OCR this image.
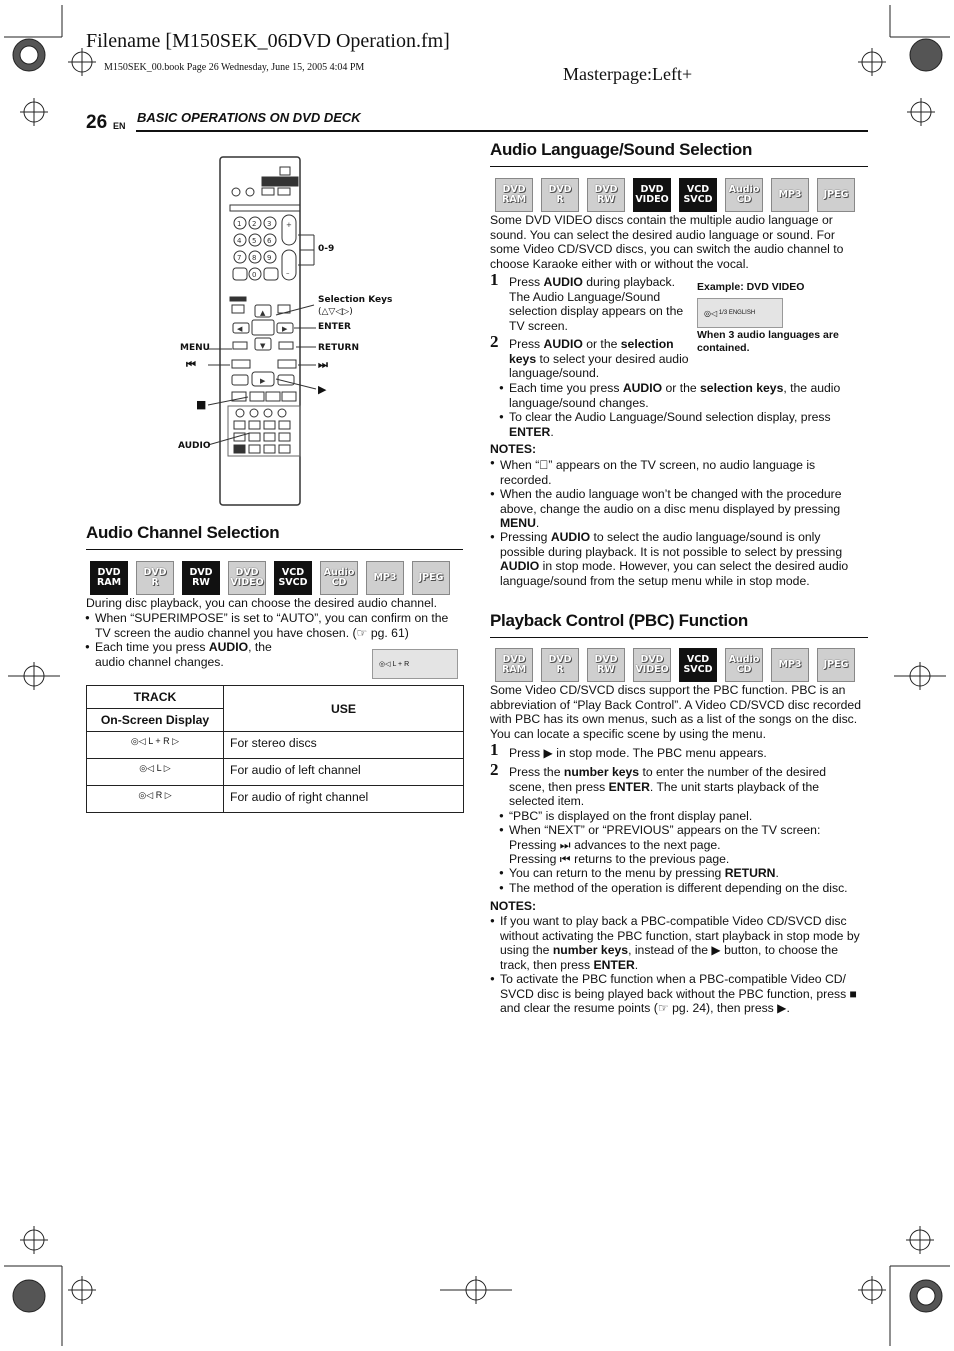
Filename [M150SEK_06DVD Operation.fm]
M150SEK_00.book Page 26 Wednesday, June 15, 2005 4:04 PM	Masterpage:Left+
26 EN
BASIC OPERATIONS ON DVD DECK
1 2 3
4 5 6
7 8 9
0
+
–
▲
▼
◀	▶
▶
0-9
Selection Keys
(△▽◁▷)
ENTER
MENU	RETURN
⏮	⏭
▶
■
AUDIO
Audio Channel Selection
DVD
RAM
DVD
R
DVD
RW
DVD
VIDEO
VCD
SVCD
Audio
CD	MP3 JPEG
During disc playback, you can choose the desired audio channel.
● When “SUPERIMPOSE” is set to “AUTO”, you can confirm on the TV screen the audio channel you have chosen. (☞ pg. 61)
● Each time you press AUDIO, the audio channel changes.	◎◁
L + R
TRACK	USE
On-Screen Display	
◎◁ L + R ▷	For stereo discs
◎◁ L ▷	For audio of left channel
◎◁ R ▷	For audio of right channel
Audio Language/Sound Selection
DVD
RAM
DVD
R
DVD
RW
DVD
VIDEO
VCD
SVCD
Audio
CD	MP3 JPEG
Some DVD VIDEO discs contain the multiple audio language or sound. You can select the desired audio language or sound. For some Video CD/SVCD discs, you can switch the audio channel to choose Karaoke either with or without the vocal.
1 Press AUDIO during playback. The Audio Language/Sound selection display appears on the TV screen.
Example: DVD VIDEO
◎◁
1/3 ENGLISH
When 3 audio languages are contained.
2 Press AUDIO or the selection keys to select your desired audio language/sound.
● Each time you press AUDIO or the selection keys, the audio language/sound changes.
● To clear the Audio Language/Sound selection display, press ENTER.
NOTES:
When “⃠” appears on the TV screen, no audio language is recorded.
● When the audio language won’t be changed with the procedure above, change the audio on a disc menu displayed by pressing MENU.
● Pressing AUDIO to select the audio language/sound is only possible during playback. It is not possible to select by pressing AUDIO in stop mode. However, you can select the desired audio language/sound from the setup menu while in stop mode.
●
Playback Control (PBC) Function
DVD
RAM
DVD
R
DVD
RW
DVD
VIDEO
VCD
SVCD
Audio
CD	MP3 JPEG
Some Video CD/SVCD discs support the PBC function. PBC is an abbreviation of “Play Back Control”. A Video CD/SVCD disc recorded with PBC has its own menus, such as a list of the songs on the disc. You can locate a specific scene by using the menu.
1 Press ▶ in stop mode. The PBC menu appears.
2 Press the number keys to enter the number of the desired scene, then press ENTER. The unit starts playback of the selected item.
● “PBC” is displayed on the front display panel.
● When “NEXT” or “PREVIOUS” appears on the TV screen:
Pressing ⏭ advances to the next page.
Pressing ⏮ returns to the previous page.
● You can return to the menu by pressing RETURN.
● The method of the operation is different depending on the disc.
NOTES:
● If you want to play back a PBC-compatible Video CD/SVCD disc without activating the PBC function, start playback in stop mode by using the number keys, instead of the ▶ button, to choose the track, then press ENTER.
● To activate the PBC function when a PBC-compatible Video CD/ SVCD disc is being played back without the PBC function, press ■ and clear the resume points (☞ pg. 24), then press ▶.
